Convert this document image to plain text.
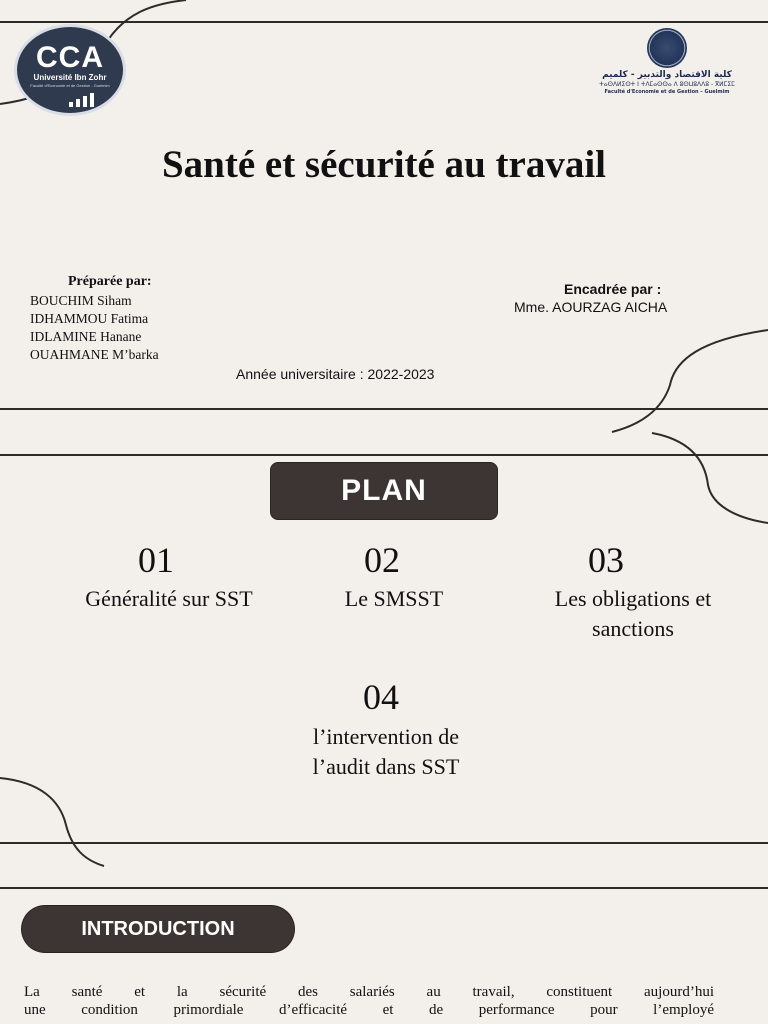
CCA
Université Ibn Zohr
Faculté d'Economie et de Gestion - Guelmim
كلية الاقتصاد والتدبير - كلميم
ⵜⴰⵙⴷⵍⵉⵙⵜ ⵏ ⵜⴷⵎⴰⵙⵙⴰ ⴷ ⵓⵙⵡⵓⴷⴷⵓ - ⴳⵍⵎⵉⵎ
Faculté d'Economie et de Gestion – Guelmim
Santé et sécurité au travail
Préparée par:
BOUCHIM Siham
IDHAMMOU Fatima
IDLAMINE Hanane
OUAHMANE M’barka
Encadrée par :
Mme. AOURZAG AICHA
Année universitaire : 2022-2023
PLAN
01
Généralité sur SST
02
Le SMSST
03
Les obligations et
sanctions
04
l’intervention de
l’audit dans SST
INTRODUCTION
La santé et la sécurité des salariés au travail, constituent aujourd’hui
une condition primordiale d’efficacité et de performance pour l’employé
